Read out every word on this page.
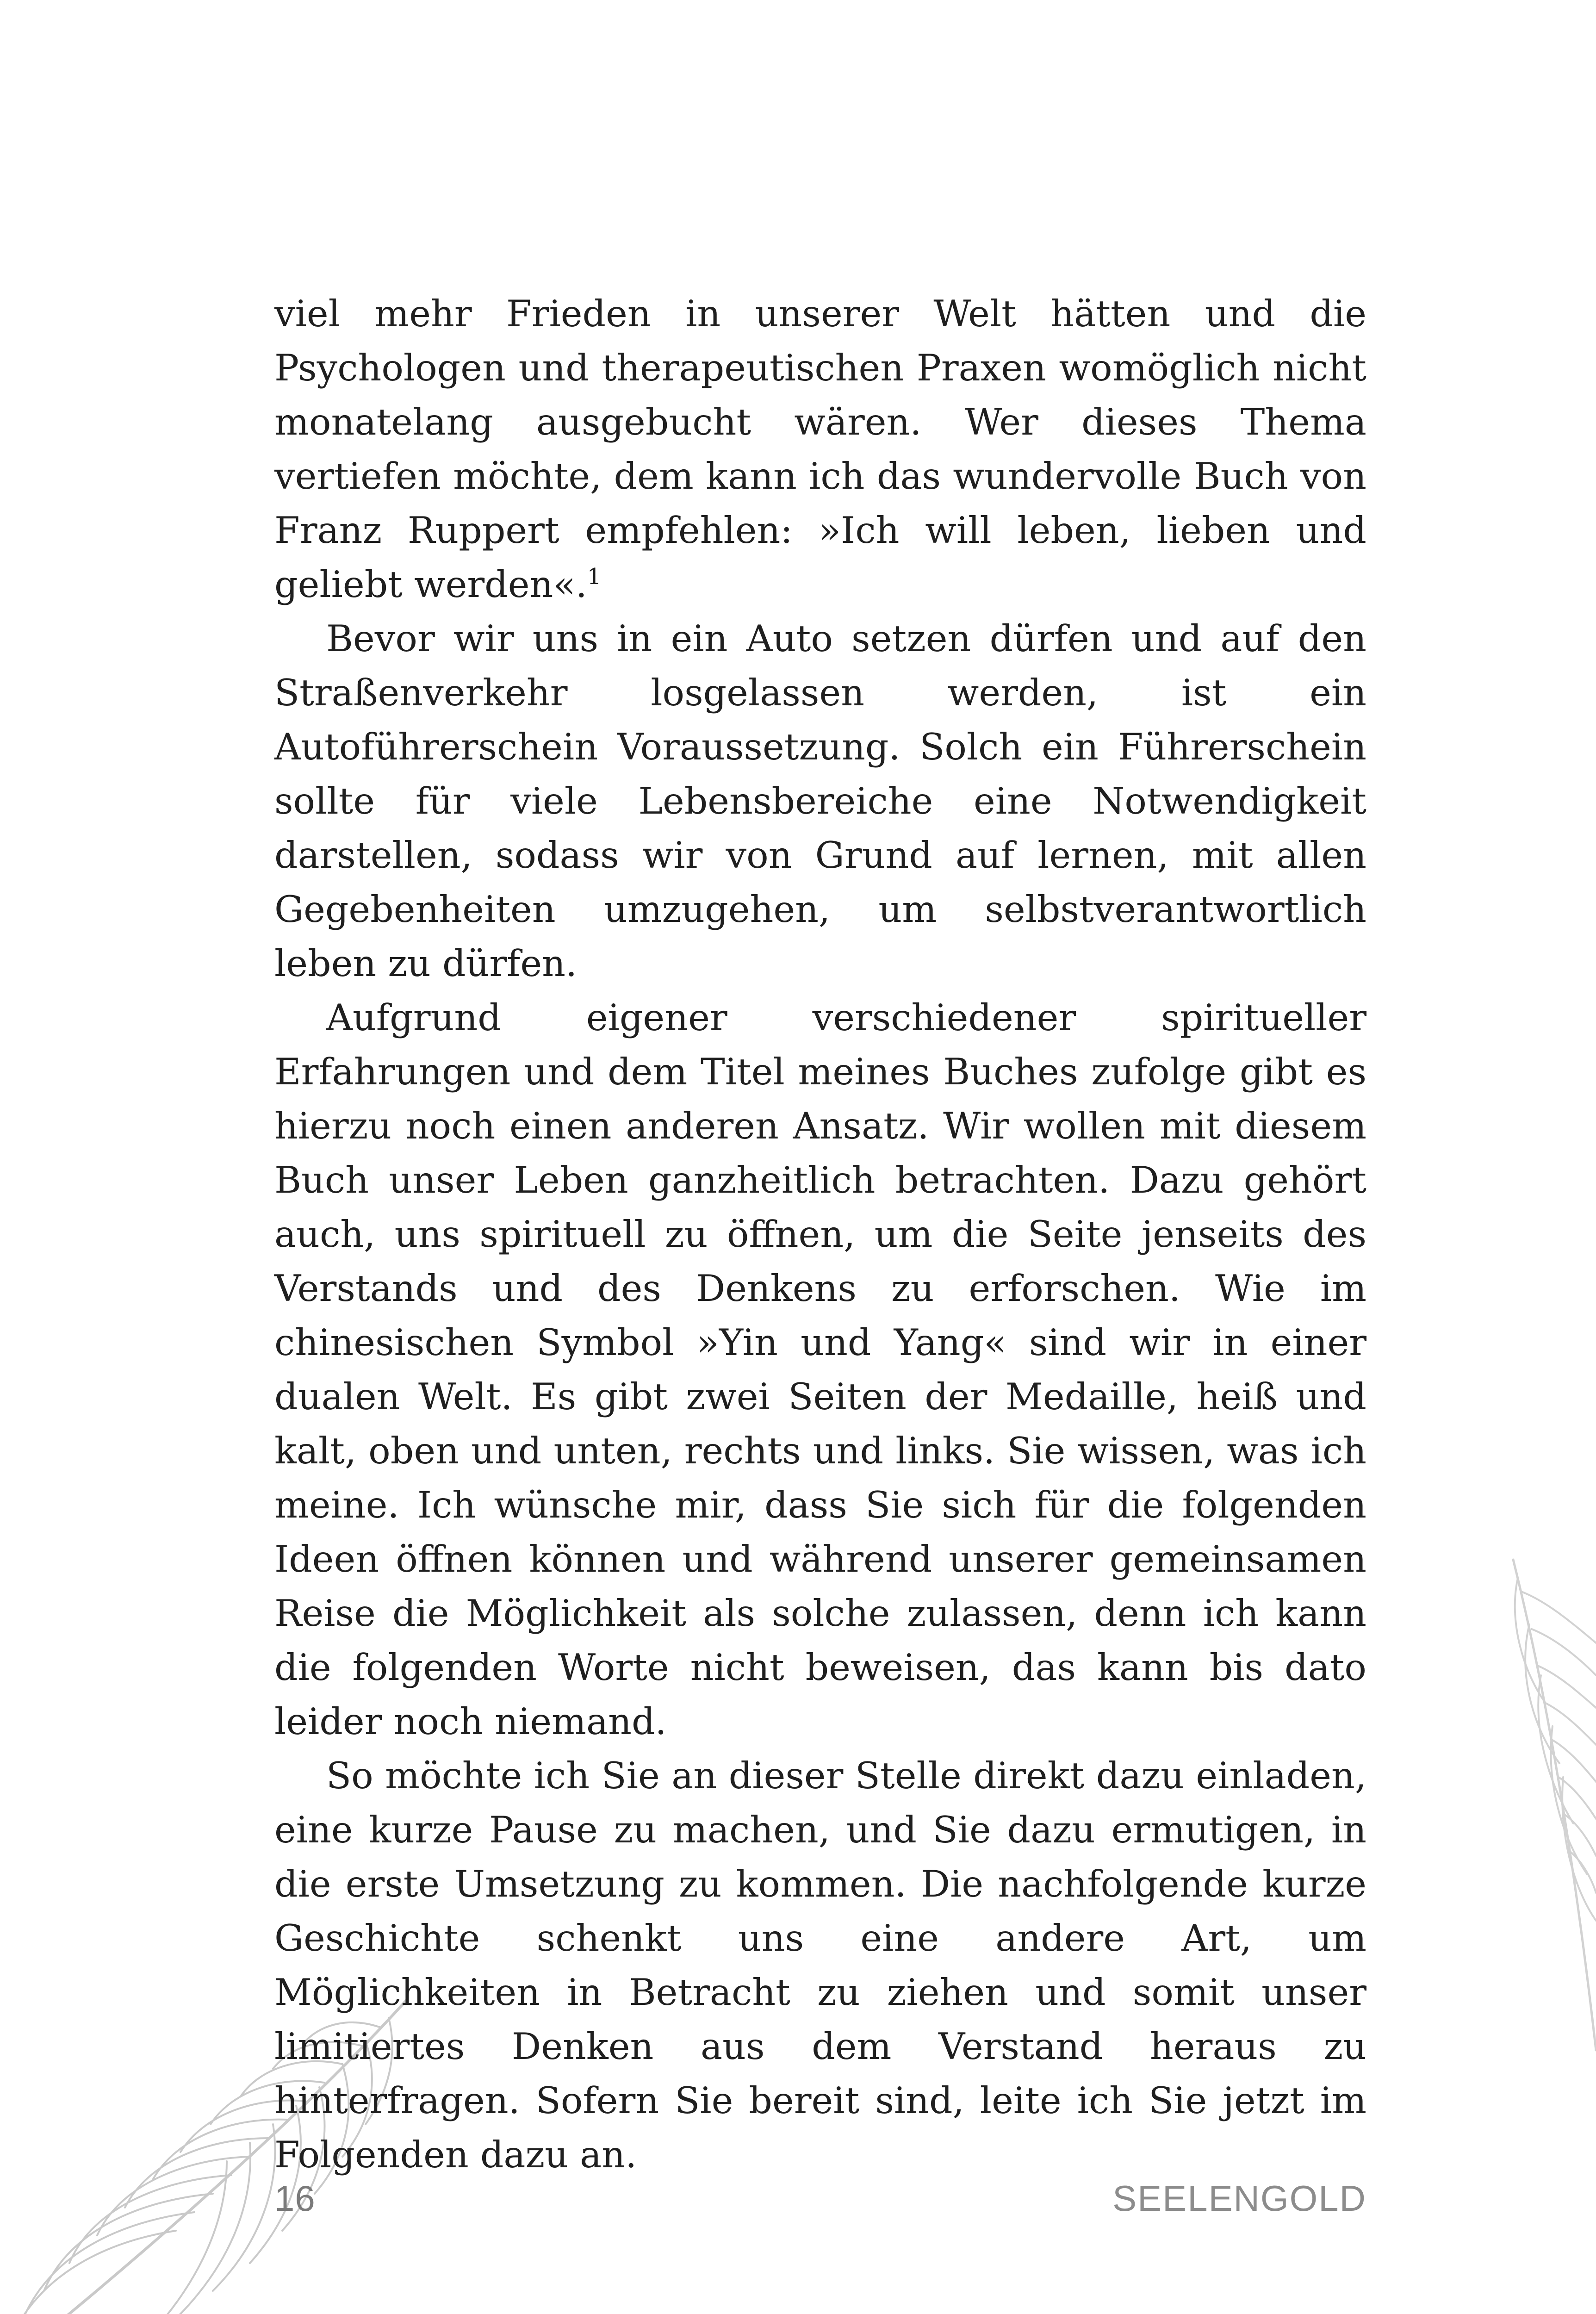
viel mehr Frieden in unserer Welt hätten und die Psychologen und therapeutischen Praxen womöglich nicht monatelang ausgebucht wären. Wer dieses Thema vertiefen möchte, dem kann ich das wundervolle Buch von Franz Ruppert empfehlen: »Ich will leben, lieben und geliebt werden«.$^1$

Bevor wir uns in ein Auto setzen dürfen und auf den Straßenverkehr losgelassen werden, ist ein Autoführerschein Voraussetzung. Solch ein Führerschein sollte für viele Lebensbereiche eine Notwendigkeit darstellen, sodass wir von Grund auf lernen, mit allen Gegebenheiten umzugehen, um selbstverantwortlich leben zu dürfen.

Aufgrund eigener verschiedener spiritueller Erfahrungen und dem Titel meines Buches zufolge gibt es hierzu noch einen anderen Ansatz. Wir wollen mit diesem Buch unser Leben ganzheitlich betrachten. Dazu gehört auch, uns spirituell zu öffnen, um die Seite jenseits des Verstands und des Denkens zu erforschen. Wie im chinesischen Symbol »Yin und Yang« sind wir in einer dualen Welt. Es gibt zwei Seiten der Medaille, heiß und kalt, oben und unten, rechts und links. Sie wissen, was ich meine. Ich wünsche mir, dass Sie sich für die folgenden Ideen öffnen können und während unserer gemeinsamen Reise die Möglichkeit als solche zulassen, denn ich kann die folgenden Worte nicht beweisen, das kann bis dato leider noch niemand.

So möchte ich Sie an dieser Stelle direkt dazu einladen, eine kurze Pause zu machen, und Sie dazu ermutigen, in die erste Umsetzung zu kommen. Die nachfolgende kurze Geschichte schenkt uns eine andere Art, um Möglichkeiten in Betracht zu ziehen und somit unser limitiertes Denken aus dem Verstand heraus zu hinterfragen. Sofern Sie bereit sind, leite ich Sie jetzt im Folgenden dazu an.

16	SEELENGOLD
